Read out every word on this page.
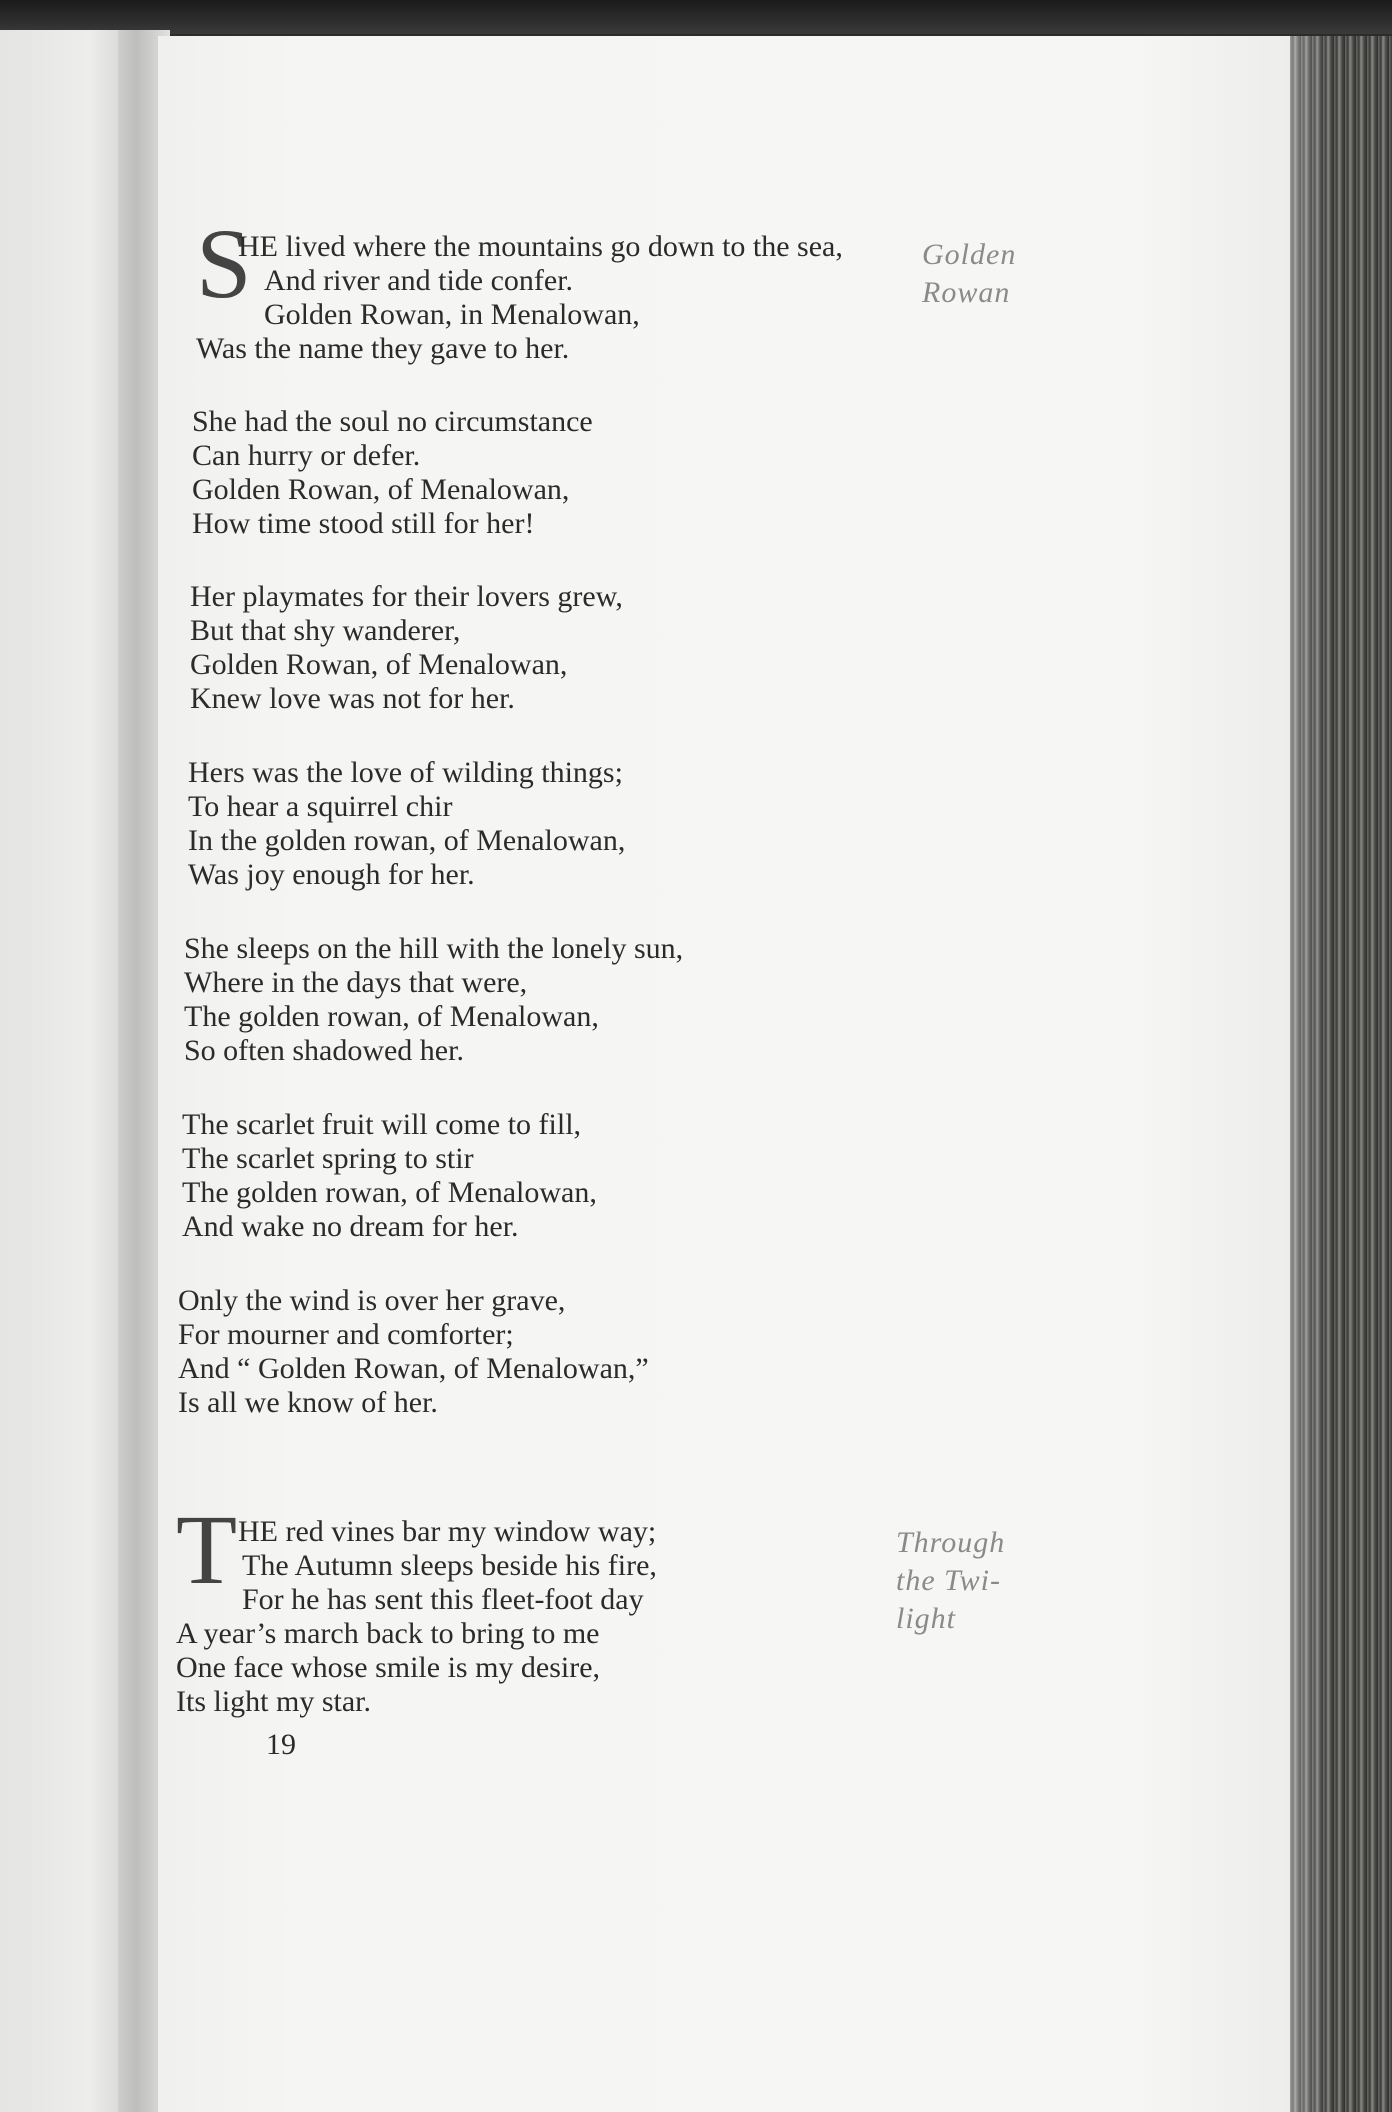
S
HE lived where the mountains go down to the sea,
And river and tide confer.
Golden Rowan, in Menalowan,
Was the name they gave to her.
She had the soul no circumstance
Can hurry or defer.
Golden Rowan, of Menalowan,
How time stood still for her!
Her playmates for their lovers grew,
But that shy wanderer,
Golden Rowan, of Menalowan,
Knew love was not for her.
Hers was the love of wilding things;
To hear a squirrel chir
In the golden rowan, of Menalowan,
Was joy enough for her.
She sleeps on the hill with the lonely sun,
Where in the days that were,
The golden rowan, of Menalowan,
So often shadowed her.
The scarlet fruit will come to fill,
The scarlet spring to stir
The golden rowan, of Menalowan,
And wake no dream for her.
Only the wind is over her grave,
For mourner and comforter;
And “ Golden Rowan, of Menalowan,”
Is all we know of her.
Golden
Rowan
T HE red vines bar my window way;
The Autumn sleeps beside his fire,
For he has sent this fleet-foot day
A year’s march back to bring to me
One face whose smile is my desire,
Its light my star.
Through
the Twi-
light
19
